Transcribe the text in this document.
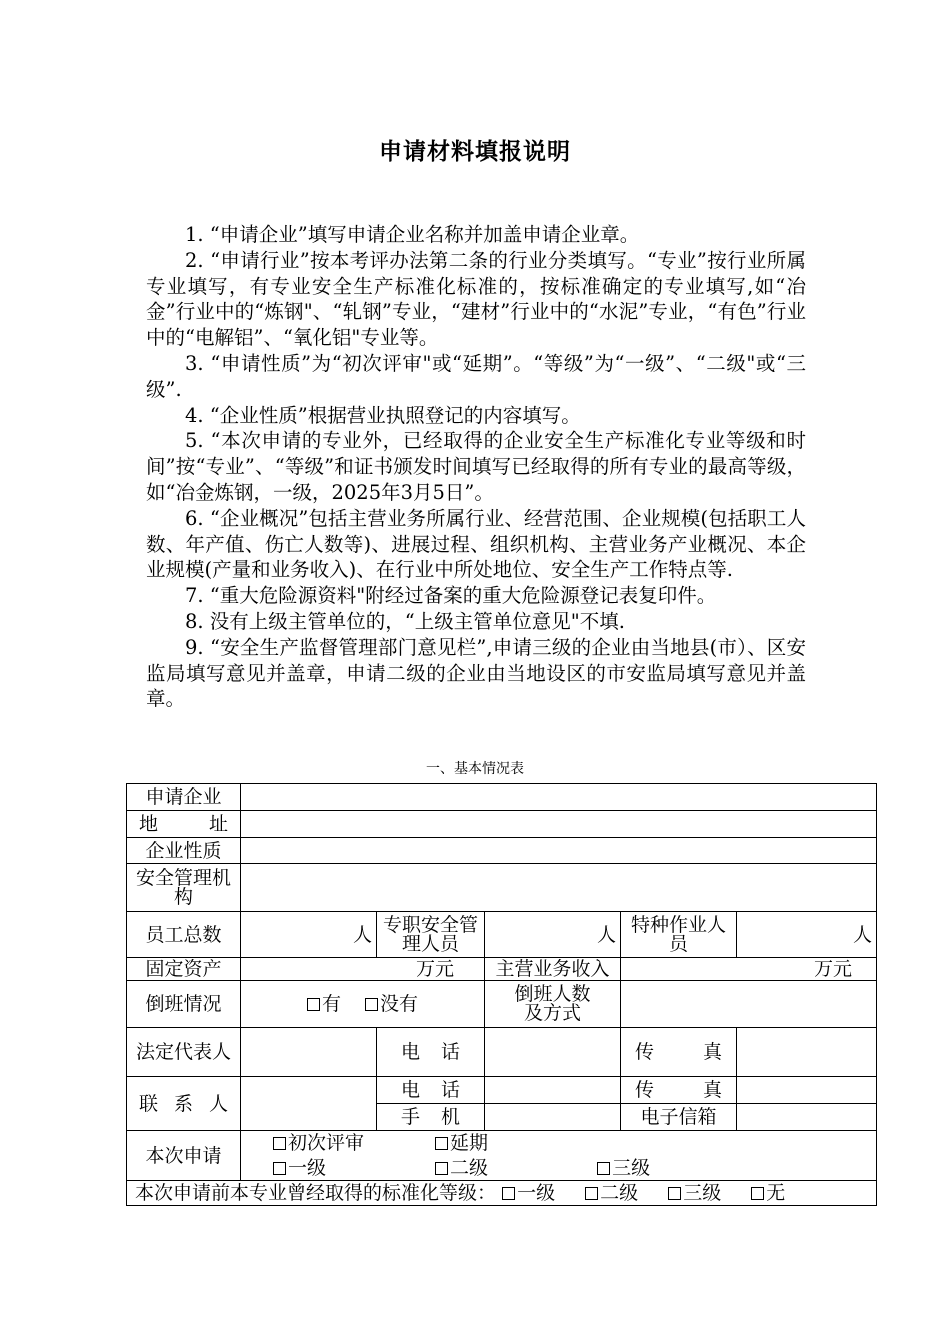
申请材料填报说明

1. “申请企业”填写申请企业名称并加盖申请企业章。

2. “申请行业”按本考评办法第二条的行业分类填写。“专业”按行业所属专业填写，有专业安全生产标准化标准的，按标准确定的专业填写,如“冶金”行业中的“炼钢"、“轧钢”专业，“建材”行业中的“水泥”专业，“有色”行业中的“电解铝”、“氧化铝"专业等。

3. “申请性质”为“初次评审"或“延期”。“等级”为“一级”、“二级"或“三级”.

4. “企业性质”根据营业执照登记的内容填写。

5. “本次申请的专业外，已经取得的企业安全生产标准化专业等级和时间”按“专业”、“等级”和证书颁发时间填写已经取得的所有专业的最高等级，如“冶金炼钢，一级，2025年3月5日”。

6. “企业概况”包括主营业务所属行业、经营范围、企业规模(包括职工人数、年产值、伤亡人数等)、进展过程、组织机构、主营业务产业概况、本企业规模(产量和业务收入)、在行业中所处地位、安全生产工作特点等.

7. “重大危险源资料"附经过备案的重大危险源登记表复印件。

8. 没有上级主管单位的，“上级主管单位意见"不填.

9. “安全生产监督管理部门意见栏”,申请三级的企业由当地县(市）、区安监局填写意见并盖章，申请二级的企业由当地设区的市安监局填写意见并盖章。

一、基本情况表
申请企业					
地址					
企业性质					
安全管理机构					
员工总数	人	专职安全管理人员	人	特种作业人员	人
固定资产	万元		主营业务收入	万元	
倒班情况	有 没有		倒班人数及方式		
法定代表人		电话		传真	
联系人		电话		传真	
		手机		电子信箱	
本次申请	初次评审 延期				
	一级 二级 三级				
本次申请前本专业曾经取得的标准化等级： 一级 二级 三级 无					
